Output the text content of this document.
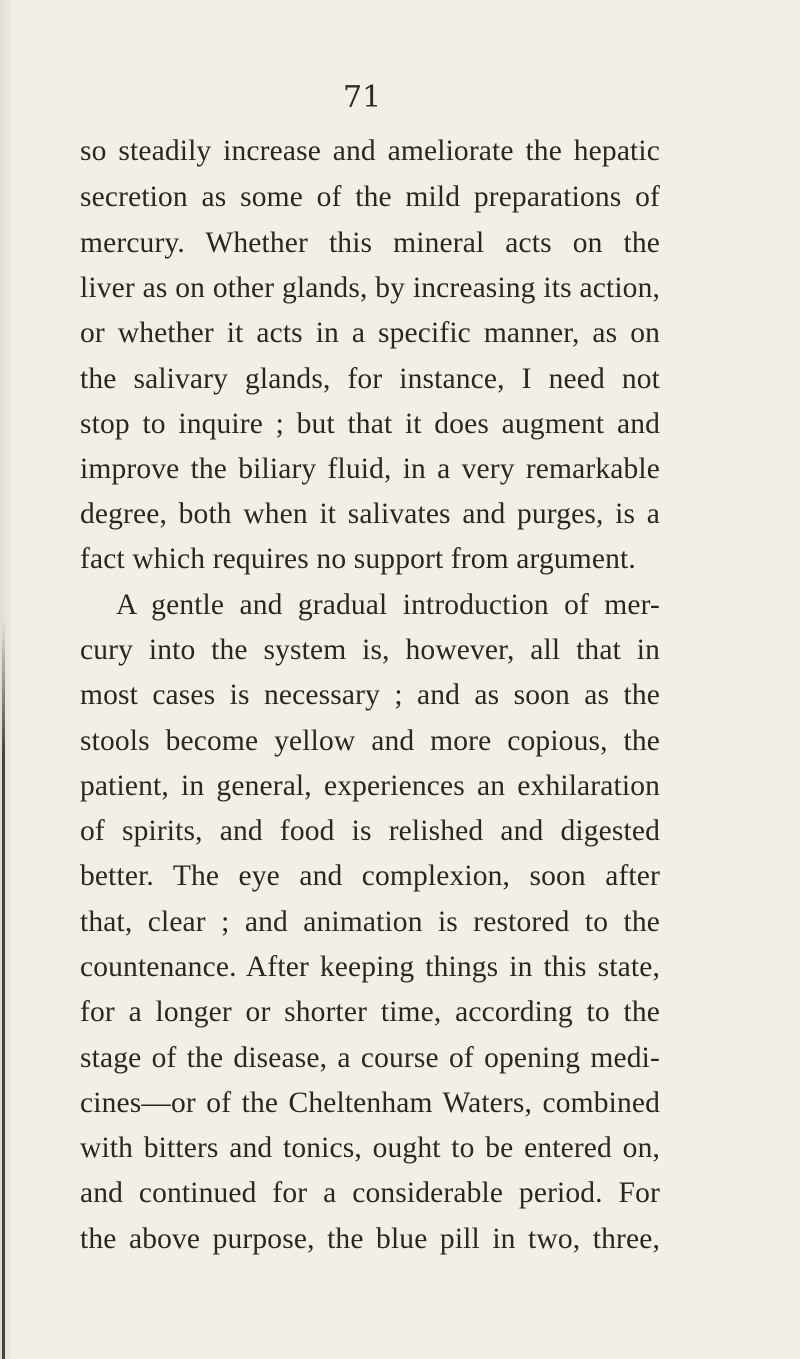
71
so steadily increase and ameliorate the hepatic
secretion as some of the mild preparations of
mercury. Whether this mineral acts on the
liver as on other glands, by increasing its action,
or whether it acts in a specific manner, as on
the salivary glands, for instance, I need not
stop to inquire ; but that it does augment and
improve the biliary fluid, in a very remarkable
degree, both when it salivates and purges, is a
fact which requires no support from argument.
A gentle and gradual introduction of mer-
cury into the system is, however, all that in
most cases is necessary ; and as soon as the
stools become yellow and more copious, the
patient, in general, experiences an exhilaration
of spirits, and food is relished and digested
better. The eye and complexion, soon after
that, clear ; and animation is restored to the
countenance. After keeping things in this state,
for a longer or shorter time, according to the
stage of the disease, a course of opening medi-
cines—or of the Cheltenham Waters, combined
with bitters and tonics, ought to be entered on,
and continued for a considerable period. For
the above purpose, the blue pill in two, three,
